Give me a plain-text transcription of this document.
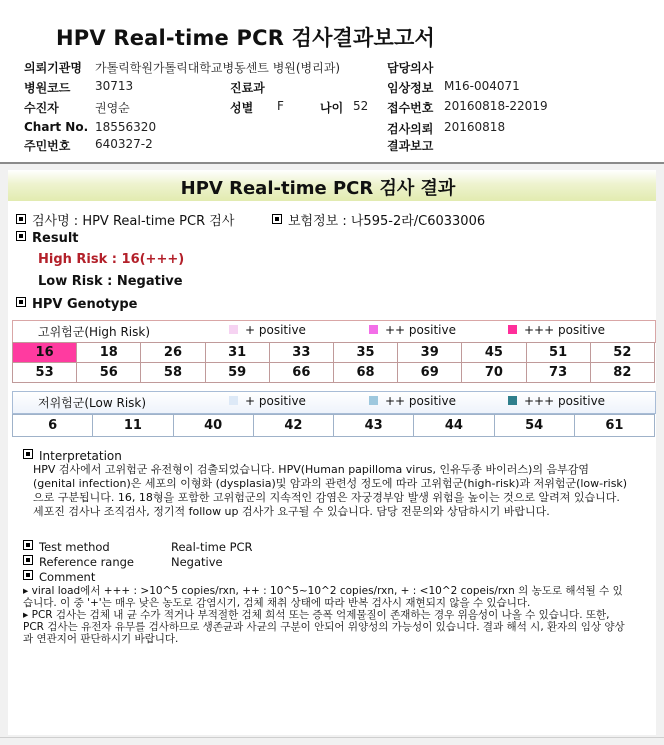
HPV Real-time PCR 검사결과보고서
의뢰기관명 가톨릭학원가톨릭대학교병동센트 병원(병리과)
병원코드 30713	진료과
수진자	권영순	성별 F	나이 52
Chart No. 18556320
주민번호 640327-2
담당의사
임상정보 M16-004071
접수번호 20160818-22019
검사의뢰 20160818
결과보고
HPV Real-time PCR 검사 결과
검사명 : HPV Real-time PCR 검사	보험정보 : 나595-2라/C6033006
Result
High Risk : 16(+++)
Low Risk : Negative
HPV Genotype
고위험군(High Risk)	+ positive	++ positive	+++ positive
16	18	26	31	33	35	39	45	51	52
53	56	58	59	66	68	69	70	73	82
저위험군(Low Risk)	+ positive	++ positive	+++ positive
6	11	40	42	43	44	54	61
Interpretation
HPV 검사에서 고위험군 유전형이 검출되었습니다. HPV(Human papilloma virus, 인유두종 바이러스)의 음부감염(genital infection)은 세포의 이형화 (dysplasia)및 암과의 관련성 정도에 따라 고위험군(high-risk)과 저위험군(low-risk)으로 구분됩니다. 16, 18형을 포함한 고위험군의 지속적인 감염은 자궁경부암 발생 위험을 높이는 것으로 알려져 있습니다. 세포진 검사나 조직검사, 정기적 follow up 검사가 요구될 수 있습니다. 담당 전문의와 상담하시기 바랍니다.
Test method	Real-time PCR
Reference range	Negative
Comment
▸ viral load에서 +++ : >10^5 copies/rxn, ++ : 10^5~10^2 copies/rxn, + : <10^2 copeis/rxn 의 농도로 해석될 수 있습니다. 이 중 '+'는 매우 낮은 농도로 감염시기, 검체 채취 상태에 따라 반복 검사시 재현되지 않을 수 있습니다.
▸ PCR 검사는 검체 내 균 수가 적거나 부적절한 검체 희석 또는 증폭 억제물질이 존재하는 경우 위음성이 나올 수 있습니다. 또한, PCR 검사는 유전자 유무를 검사하므로 생존균과 사균의 구분이 안되어 위양성의 가능성이 있습니다. 결과 해석 시, 환자의 임상 양상과 연관지어 판단하시기 바랍니다.
